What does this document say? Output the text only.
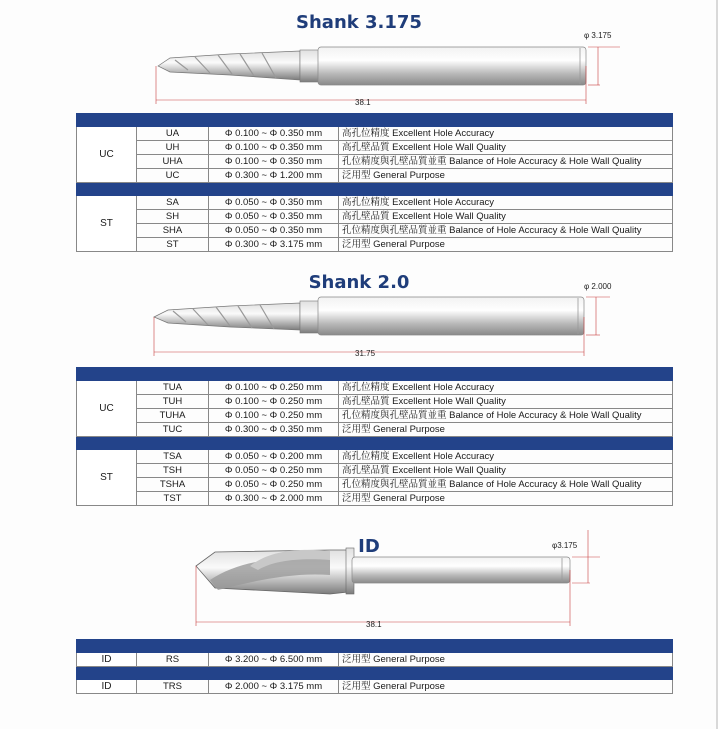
Shank 3.175
φ 3.175
38.1

UC	UA	Φ 0.100 ~ Φ 0.350 mm	高孔位精度 Excellent Hole Accuracy
	UH	Φ 0.100 ~ Φ 0.350 mm	高孔壁品質 Excellent Hole Wall Quality
	UHA	Φ 0.100 ~ Φ 0.350 mm	孔位精度與孔壁品質並重 Balance of Hole Accuracy & Hole Wall Quality
	UC	Φ 0.300 ~ Φ 1.200 mm	泛用型 General Purpose

ST	SA	Φ 0.050 ~ Φ 0.350 mm	高孔位精度 Excellent Hole Accuracy
	SH	Φ 0.050 ~ Φ 0.350 mm	高孔壁品質 Excellent Hole Wall Quality
	SHA	Φ 0.050 ~ Φ 0.350 mm	孔位精度與孔壁品質並重 Balance of Hole Accuracy & Hole Wall Quality
	ST	Φ 0.300 ~ Φ 3.175 mm	泛用型 General Purpose
Shank 2.0	φ 2.000
31.75

UC	TUA	Φ 0.100 ~ Φ 0.250 mm	高孔位精度 Excellent Hole Accuracy
	TUH	Φ 0.100 ~ Φ 0.250 mm	高孔壁品質 Excellent Hole Wall Quality
	TUHA	Φ 0.100 ~ Φ 0.250 mm	孔位精度與孔壁品質並重 Balance of Hole Accuracy & Hole Wall Quality
	TUC	Φ 0.300 ~ Φ 0.350 mm	泛用型 General Purpose

ST	TSA	Φ 0.050 ~ Φ 0.200 mm	高孔位精度 Excellent Hole Accuracy
	TSH	Φ 0.050 ~ Φ 0.250 mm	高孔壁品質 Excellent Hole Wall Quality
	TSHA	Φ 0.050 ~ Φ 0.250 mm	孔位精度與孔壁品質並重 Balance of Hole Accuracy & Hole Wall Quality
	TST	Φ 0.300 ~ Φ 2.000 mm	泛用型 General Purpose
ID	φ3.175
38.1

ID	RS	Φ 3.200 ~ Φ 6.500 mm	泛用型 General Purpose

ID	TRS	Φ 2.000 ~ Φ 3.175 mm	泛用型 General Purpose
